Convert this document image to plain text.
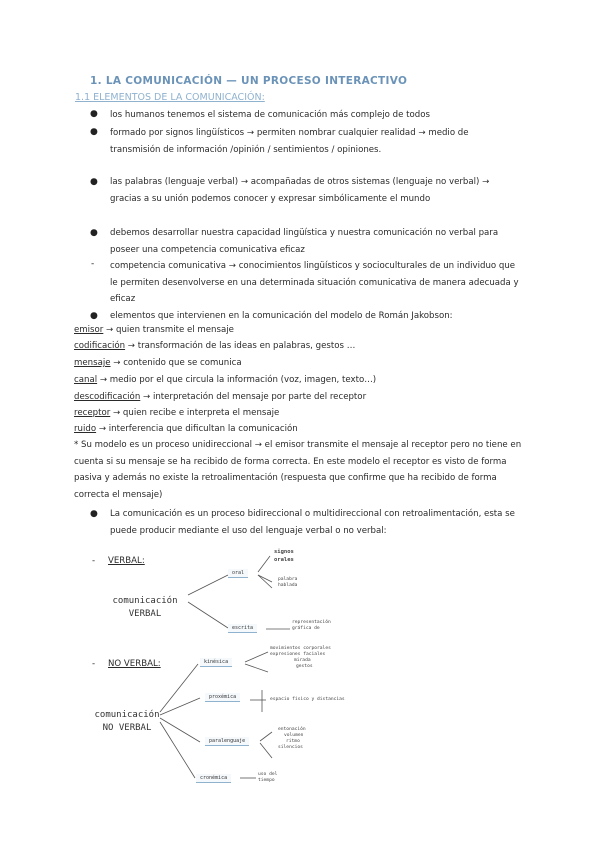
1. LA COMUNICACIÓN — UN PROCESO INTERACTIVO
1.1 ELEMENTOS DE LA COMUNICACIÓN:
● los humanos tenemos el sistema de comunicación más complejo de todos
● formado por signos lingüísticos → permiten nombrar cualquier realidad → medio de transmisión de información /opinión / sentimientos / opiniones.
● las palabras (lenguaje verbal) → acompañadas de otros sistemas (lenguaje no verbal) → gracias a su unión podemos conocer y expresar simbólicamente el mundo
● debemos desarrollar nuestra capacidad lingüística y nuestra comunicación no verbal para poseer una competencia comunicativa eficaz
- competencia comunicativa → conocimientos lingüísticos y socioculturales de un individuo que le permiten desenvolverse en una determinada situación comunicativa de manera adecuada y eficaz
● elementos que intervienen en la comunicación del modelo de Román Jakobson:
emisor → quien transmite el mensaje
codificación → transformación de las ideas en palabras, gestos …
mensaje → contenido que se comunica
canal → medio por el que circula la información (voz, imagen, texto…)
descodificación → interpretación del mensaje por parte del receptor
receptor → quien recibe e interpreta el mensaje
ruido → interferencia que dificultan la comunicación
* Su modelo es un proceso unidireccional → el emisor transmite el mensaje al receptor pero no tiene en cuenta si su mensaje se ha recibido de forma correcta. En este modelo el receptor es visto de forma pasiva y además no existe la retroalimentación (respuesta que confirme que ha recibido de forma correcta el mensaje)
● La comunicación es un proceso bidireccional o multidireccional con retroalimentación, esta se puede producir mediante el uso del lenguaje verbal o no verbal:
- VERBAL:
comunicación
VERBAL
oral
signos
orales
palabra
hablada
escrita
representación
gráfica de
- NO VERBAL:
comunicación
NO VERBAL
kinésica
movimientos corporales
expresiones faciales
mirada
gestos
proxémica	espacio físico y distancias
paralenguaje
entonación
volumen
ritmo
silencios
cronémica
uso del
tiempo
